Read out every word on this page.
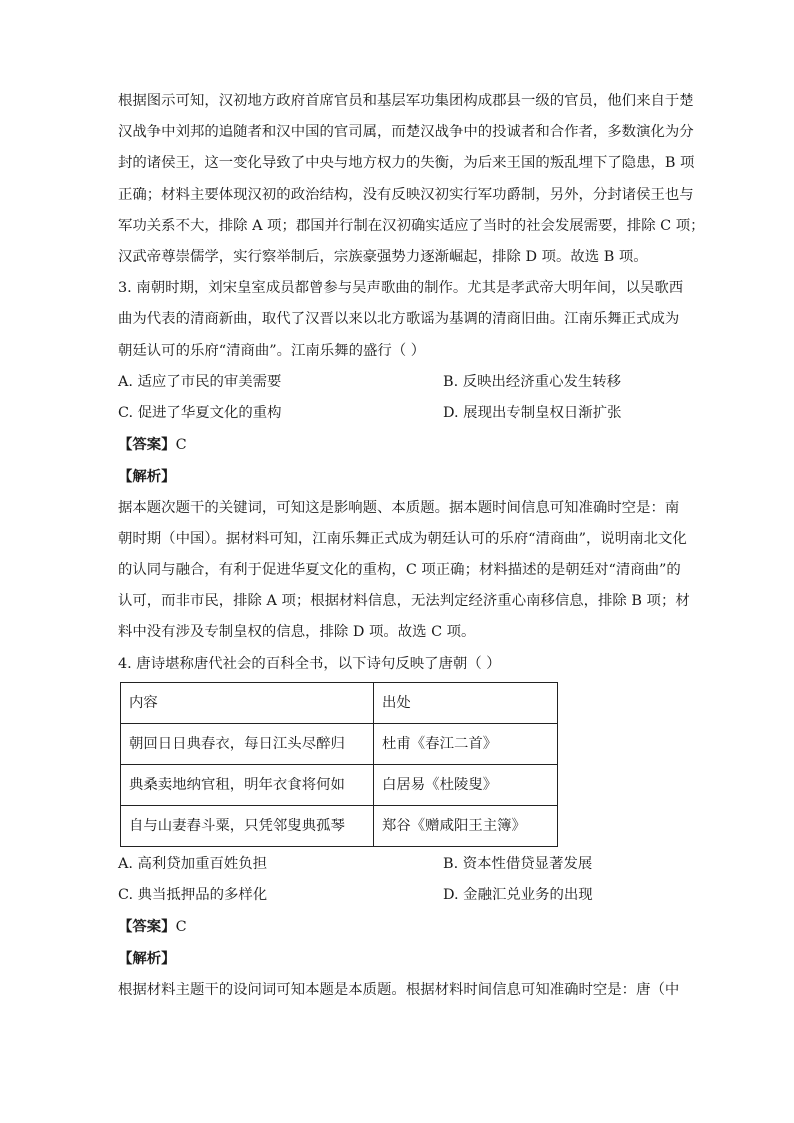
根据图示可知，汉初地方政府首席官员和基层军功集团构成郡县一级的官员，他们来自于楚
汉战争中刘邦的追随者和汉中国的官司属，而楚汉战争中的投诚者和合作者，多数演化为分
封的诸侯王，这一变化导致了中央与地方权力的失衡，为后来王国的叛乱埋下了隐患，B 项
正确；材料主要体现汉初的政治结构，没有反映汉初实行军功爵制，另外，分封诸侯王也与
军功关系不大，排除 A 项；郡国并行制在汉初确实适应了当时的社会发展需要，排除 C 项；
汉武帝尊崇儒学，实行察举制后，宗族豪强势力逐渐崛起，排除 D 项。故选 B 项。
3. 南朝时期，刘宋皇室成员都曾参与吴声歌曲的制作。尤其是孝武帝大明年间，以吴歌西
曲为代表的清商新曲，取代了汉晋以来以北方歌谣为基调的清商旧曲。江南乐舞正式成为
朝廷认可的乐府“清商曲”。江南乐舞的盛行（ ）
A. 适应了市民的审美需要	B. 反映出经济重心发生转移
C. 促进了华夏文化的重构	D. 展现出专制皇权日渐扩张
【答案】C
【解析】
据本题次题干的关键词，可知这是影响题、本质题。据本题时间信息可知准确时空是：南
朝时期（中国）。据材料可知，江南乐舞正式成为朝廷认可的乐府“清商曲”，说明南北文化
的认同与融合，有利于促进华夏文化的重构，C 项正确；材料描述的是朝廷对“清商曲”的
认可，而非市民，排除 A 项；根据材料信息，无法判定经济重心南移信息，排除 B 项；材
料中没有涉及专制皇权的信息，排除 D 项。故选 C 项。
4. 唐诗堪称唐代社会的百科全书，以下诗句反映了唐朝（ ）
内容	出处
朝回日日典春衣，每日江头尽醉归	杜甫《春江二首》
典桑卖地纳官租，明年衣食将何如	白居易《杜陵叟》
自与山妻舂斗粟，只凭邻叟典孤琴	郑谷《赠咸阳王主簿》
A. 高利贷加重百姓负担	B. 资本性借贷显著发展
C. 典当抵押品的多样化	D. 金融汇兑业务的出现
【答案】C
【解析】
根据材料主题干的设问词可知本题是本质题。根据材料时间信息可知准确时空是：唐（中
